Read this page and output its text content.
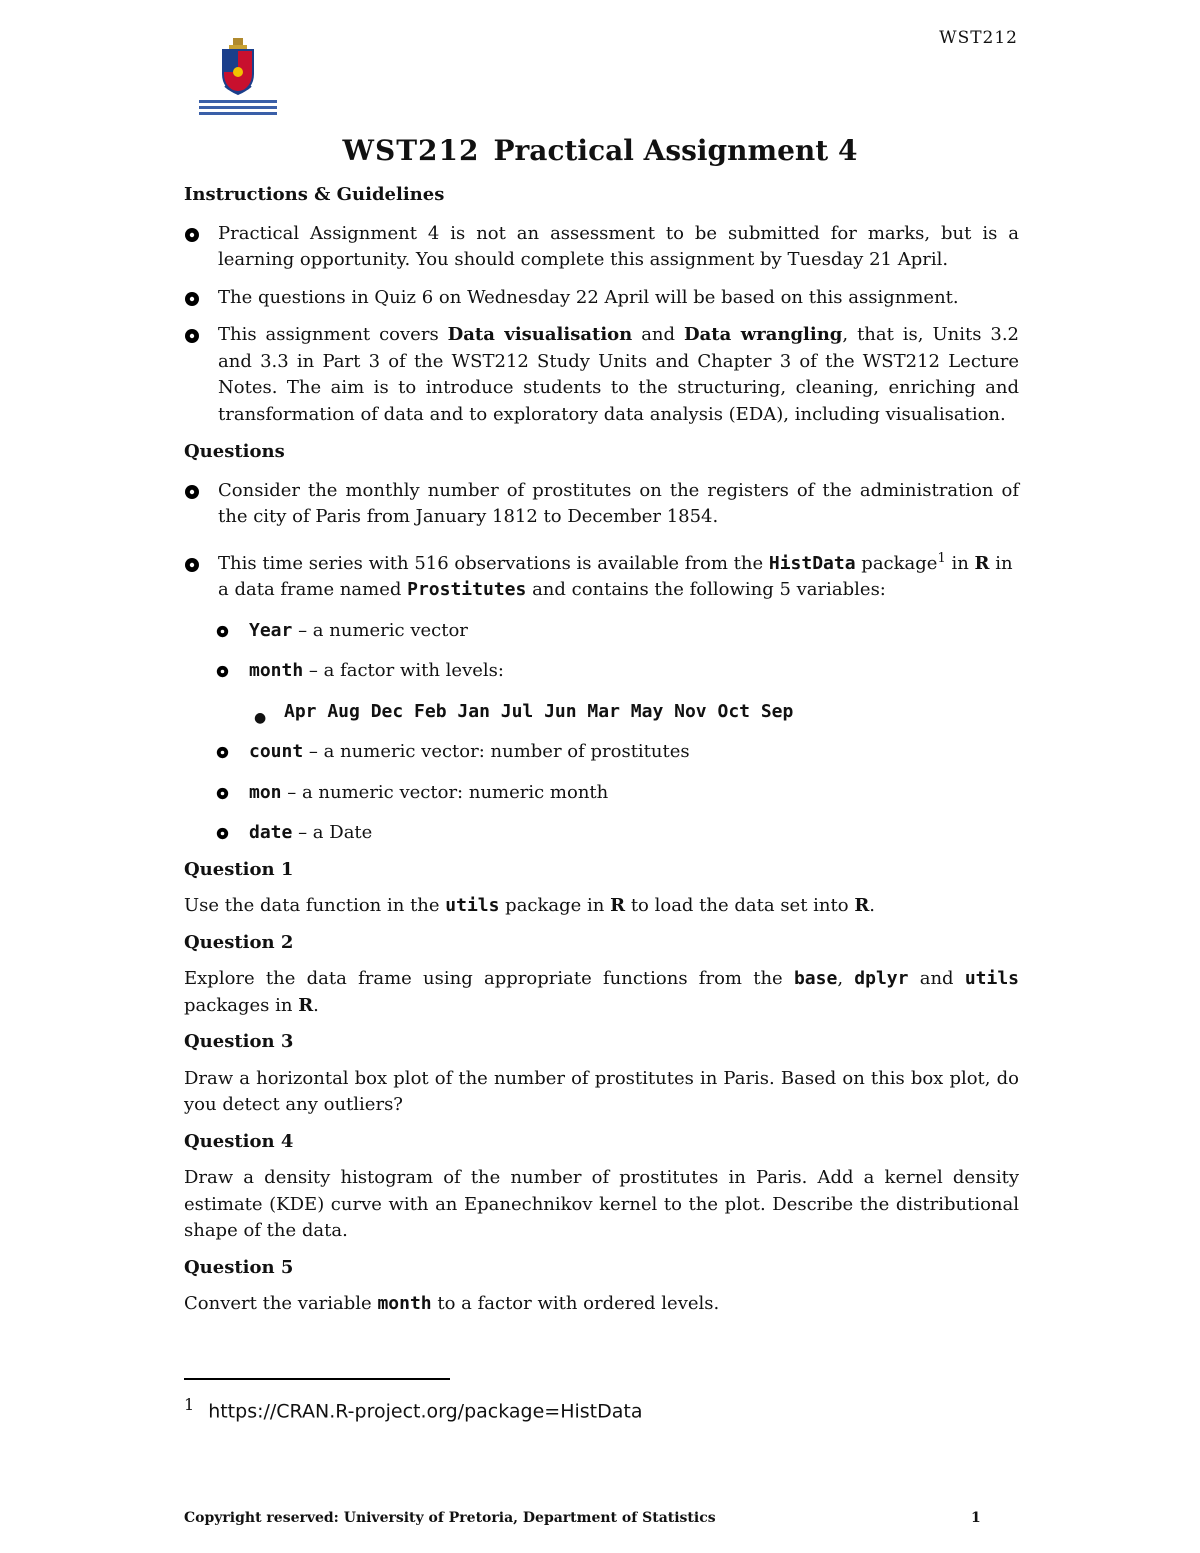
WST212
WST212 Practical Assignment 4

Instructions & Guidelines

Practical Assignment 4 is not an assessment to be submitted for marks, but is a learning opportunity. You should complete this assignment by Tuesday 21 April.
The questions in Quiz 6 on Wednesday 22 April will be based on this assignment.
This assignment covers Data visualisation and Data wrangling, that is, Units 3.2 and 3.3 in Part 3 of the WST212 Study Units and Chapter 3 of the WST212 Lecture Notes. The aim is to introduce students to the structuring, cleaning, enriching and transformation of data and to exploratory data analysis (EDA), including visualisation.

Questions

Consider the monthly number of prostitutes on the registers of the administration of the city of Paris from January 1812 to December 1854.
This time series with 516 observations is available from the HistData package$^1$ in R in a data frame named Prostitutes and contains the following 5 variables:
Year – a numeric vector
month – a factor with levels:
● Apr Aug Dec Feb Jan Jul Jun Mar May Nov Oct Sep
count – a numeric vector: number of prostitutes
mon – a numeric vector: numeric month
date – a Date

Question 1

Use the data function in the utils package in R to load the data set into R.

Question 2

Explore the data frame using appropriate functions from the base, dplyr and utils packages in R.

Question 3

Draw a horizontal box plot of the number of prostitutes in Paris. Based on this box plot, do you detect any outliers?

Question 4

Draw a density histogram of the number of prostitutes in Paris. Add a kernel density estimate (KDE) curve with an Epanechnikov kernel to the plot. Describe the distributional shape of the data.

Question 5

Convert the variable month to a factor with ordered levels.

$^1$ https://CRAN.R-project.org/package=HistData
Copyright reserved: University of Pretoria, Department of Statistics	1
